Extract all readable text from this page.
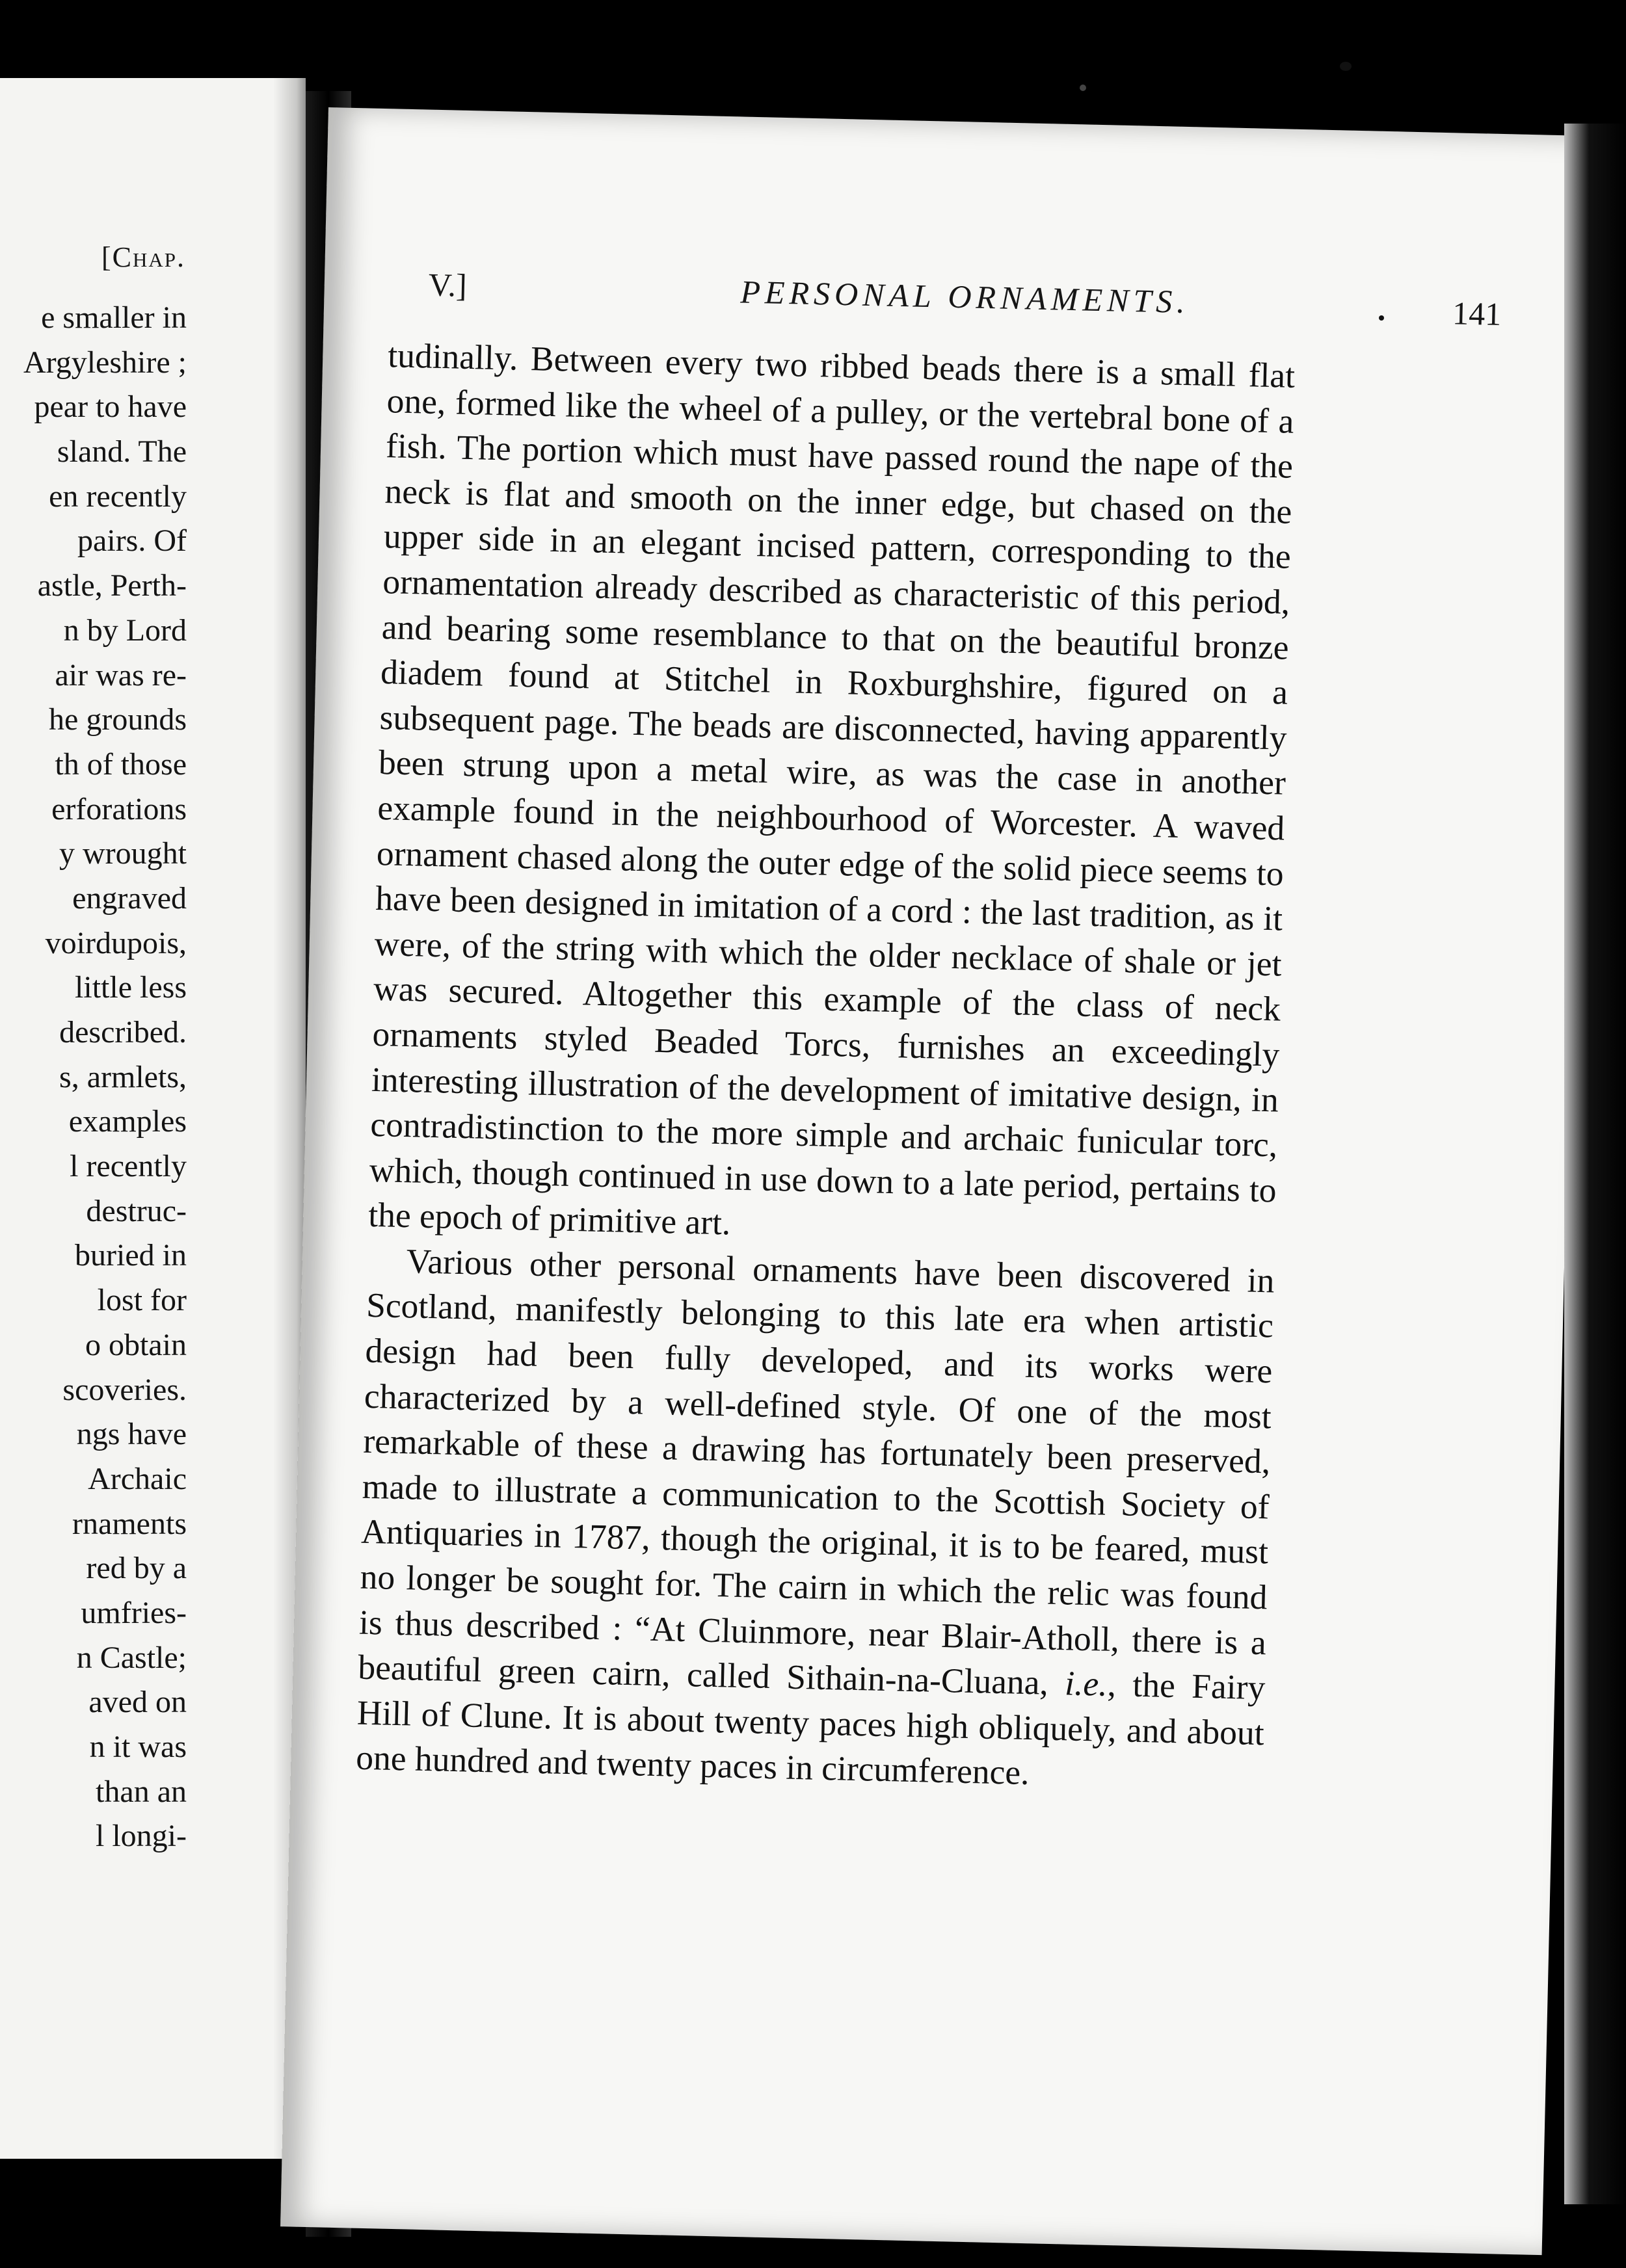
[Chap.
e smaller in
Argyleshire ;
pear to have
sland. The
en recently
pairs. Of
astle, Perth-
n by Lord
air was re-
he grounds
th of those
erforations
y wrought
engraved
voirdupois,
little less
described.
s, armlets,
examples
l recently
destruc-
buried in
lost for
o obtain
scoveries.
ngs have
Archaic
rnaments
red by a
umfries-
n Castle;
aved on
n it was
than an
l longi-
V.]	PERSONAL ORNAMENTS.	141

tudinally. Between every two ribbed beads there is a small flat one, formed like the wheel of a pulley, or the vertebral bone of a fish. The portion which must have passed round the nape of the neck is flat and smooth on the inner edge, but chased on the upper side in an elegant incised pattern, corresponding to the ornamentation already described as characteristic of this period, and bearing some resemblance to that on the beautiful bronze diadem found at Stitchel in Roxburghshire, figured on a subsequent page. The beads are disconnected, having apparently been strung upon a metal wire, as was the case in another example found in the neighbourhood of Worcester. A waved ornament chased along the outer edge of the solid piece seems to have been designed in imitation of a cord : the last tradition, as it were, of the string with which the older necklace of shale or jet was secured. Altogether this example of the class of neck ornaments styled Beaded Torcs, furnishes an exceedingly interesting illustration of the development of imitative design, in contradistinction to the more simple and archaic funicular torc, which, though continued in use down to a late period, pertains to the epoch of primitive art.

Various other personal ornaments have been discovered in Scotland, manifestly belonging to this late era when artistic design had been fully developed, and its works were characterized by a well-defined style. Of one of the most remarkable of these a drawing has fortunately been preserved, made to illustrate a communication to the Scottish Society of Antiquaries in 1787, though the original, it is to be feared, must no longer be sought for. The cairn in which the relic was found is thus described : “At Cluinmore, near Blair-Atholl, there is a beautiful green cairn, called Sithain-na-Cluana, i.e., the Fairy Hill of Clune. It is about twenty paces high obliquely, and about one hundred and twenty paces in circumference.
